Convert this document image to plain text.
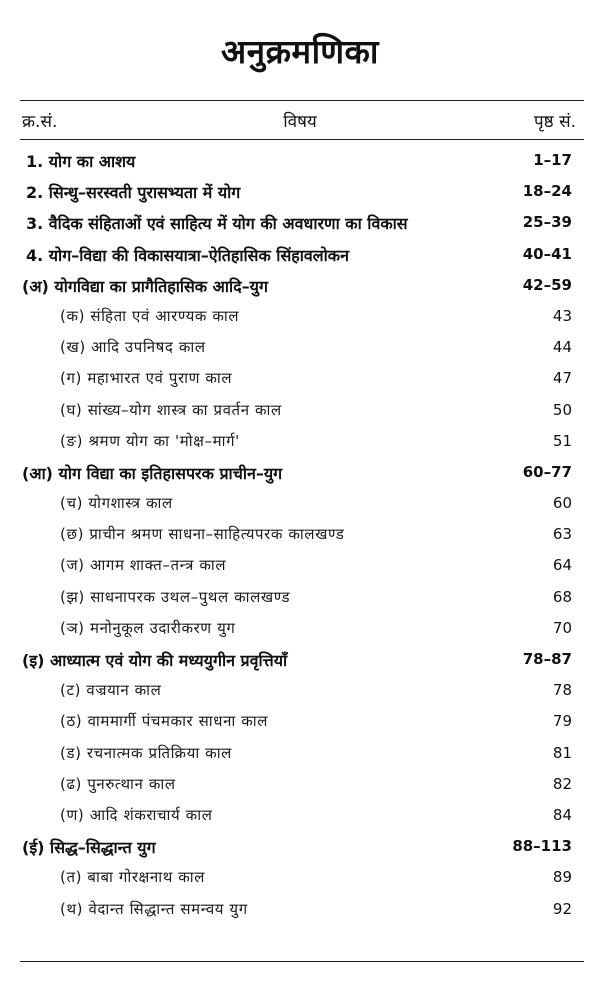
अनुक्रमणिका
क्र.सं.	विषय	पृष्ठ सं.
1. योग का आशय	1–17
2. सिन्धु–सरस्वती पुरासभ्यता में योग	18–24
3. वैदिक संहिताओं एवं साहित्य में योग की अवधारणा का विकास	25–39
4. योग–विद्या की विकासयात्रा–ऐतिहासिक सिंहावलोकन	40–41
(अ) योगविद्या का प्रागैतिहासिक आदि–युग	42–59
(क) संहिता एवं आरण्यक काल	43
(ख) आदि उपनिषद काल	44
(ग) महाभारत एवं पुराण काल	47
(घ) सांख्य–योग शास्त्र का प्रवर्तन काल	50
(ङ) श्रमण योग का 'मोक्ष–मार्ग'	51
(आ) योग विद्या का इतिहासपरक प्राचीन–युग	60–77
(च) योगशास्त्र काल	60
(छ) प्राचीन श्रमण साधना–साहित्यपरक कालखण्ड	63
(ज) आगम शाक्त–तन्त्र काल	64
(झ) साधनापरक उथल–पुथल कालखण्ड	68
(ञ) मनोनुकूल उदारीकरण युग	70
(इ) आध्यात्म एवं योग की मध्ययुगीन प्रवृत्तियाँ	78–87
(ट) वज्रयान काल	78
(ठ) वाममार्गी पंचमकार साधना काल	79
(ड) रचनात्मक प्रतिक्रिया काल	81
(ढ) पुनरुत्थान काल	82
(ण) आदि शंकराचार्य काल	84
(ई) सिद्ध–सिद्धान्त युग	88–113
(त) बाबा गोरक्षनाथ काल	89
(थ) वेदान्त सिद्धान्त समन्वय युग	92
